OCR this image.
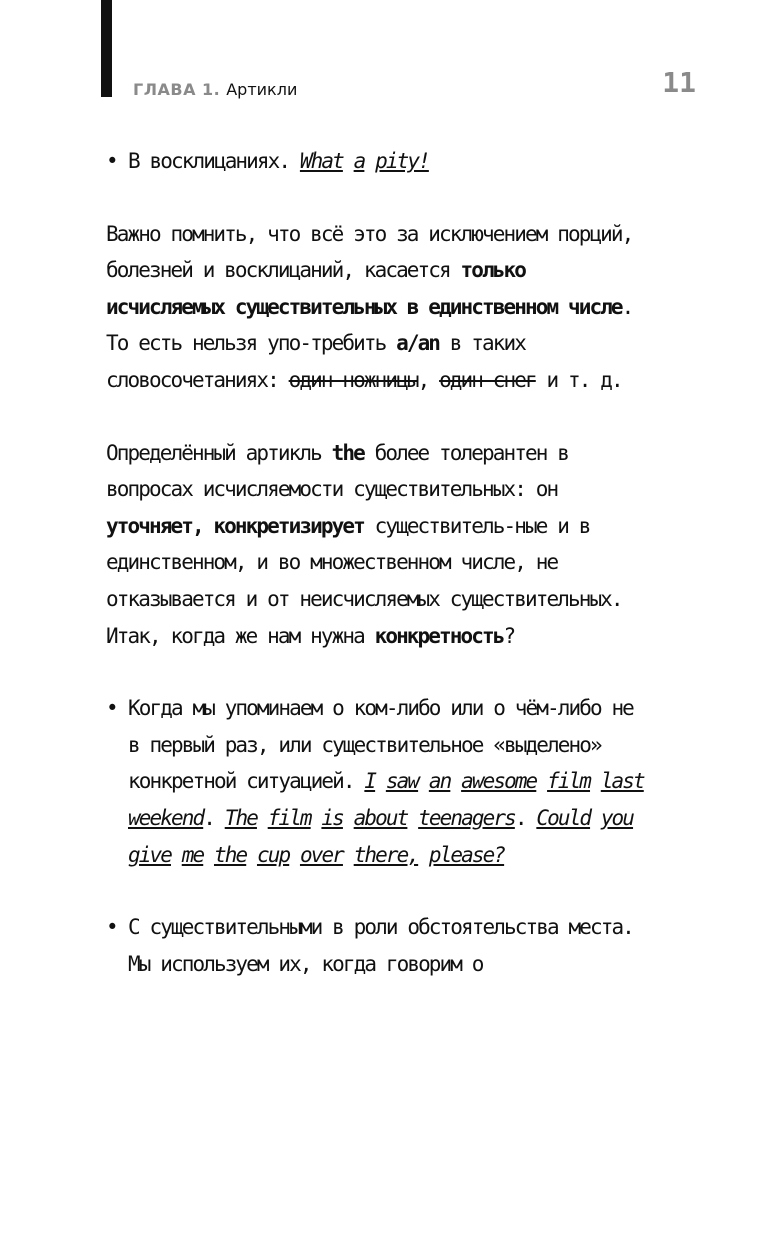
ГЛАВА 1. Артикли	11

• В восклицаниях. What a pity!

Важно помнить, что всё это за исключением порций, болезней и восклицаний, касается только исчисляемых существительных в единственном числе. То есть нельзя упо-требить a/an в таких словосочетаниях: один ножницы, один снег и т. д.

Определённый артикль the более толерантен в вопросах исчисляемости существительных: он уточняет, конкретизирует существитель-ные и в единственном, и во множественном числе, не отказывается и от неисчисляемых существительных. Итак, когда же нам нужна конкретность?

• Когда мы упоминаем о ком-либо или о чём-либо не в первый раз, или существительное «выделено» конкретной ситуацией. I saw an awesome film last weekend. The film is about teenagers. Could you give me the cup over there, please?

• С существительными в роли обстоятельства места. Мы используем их, когда говорим о
